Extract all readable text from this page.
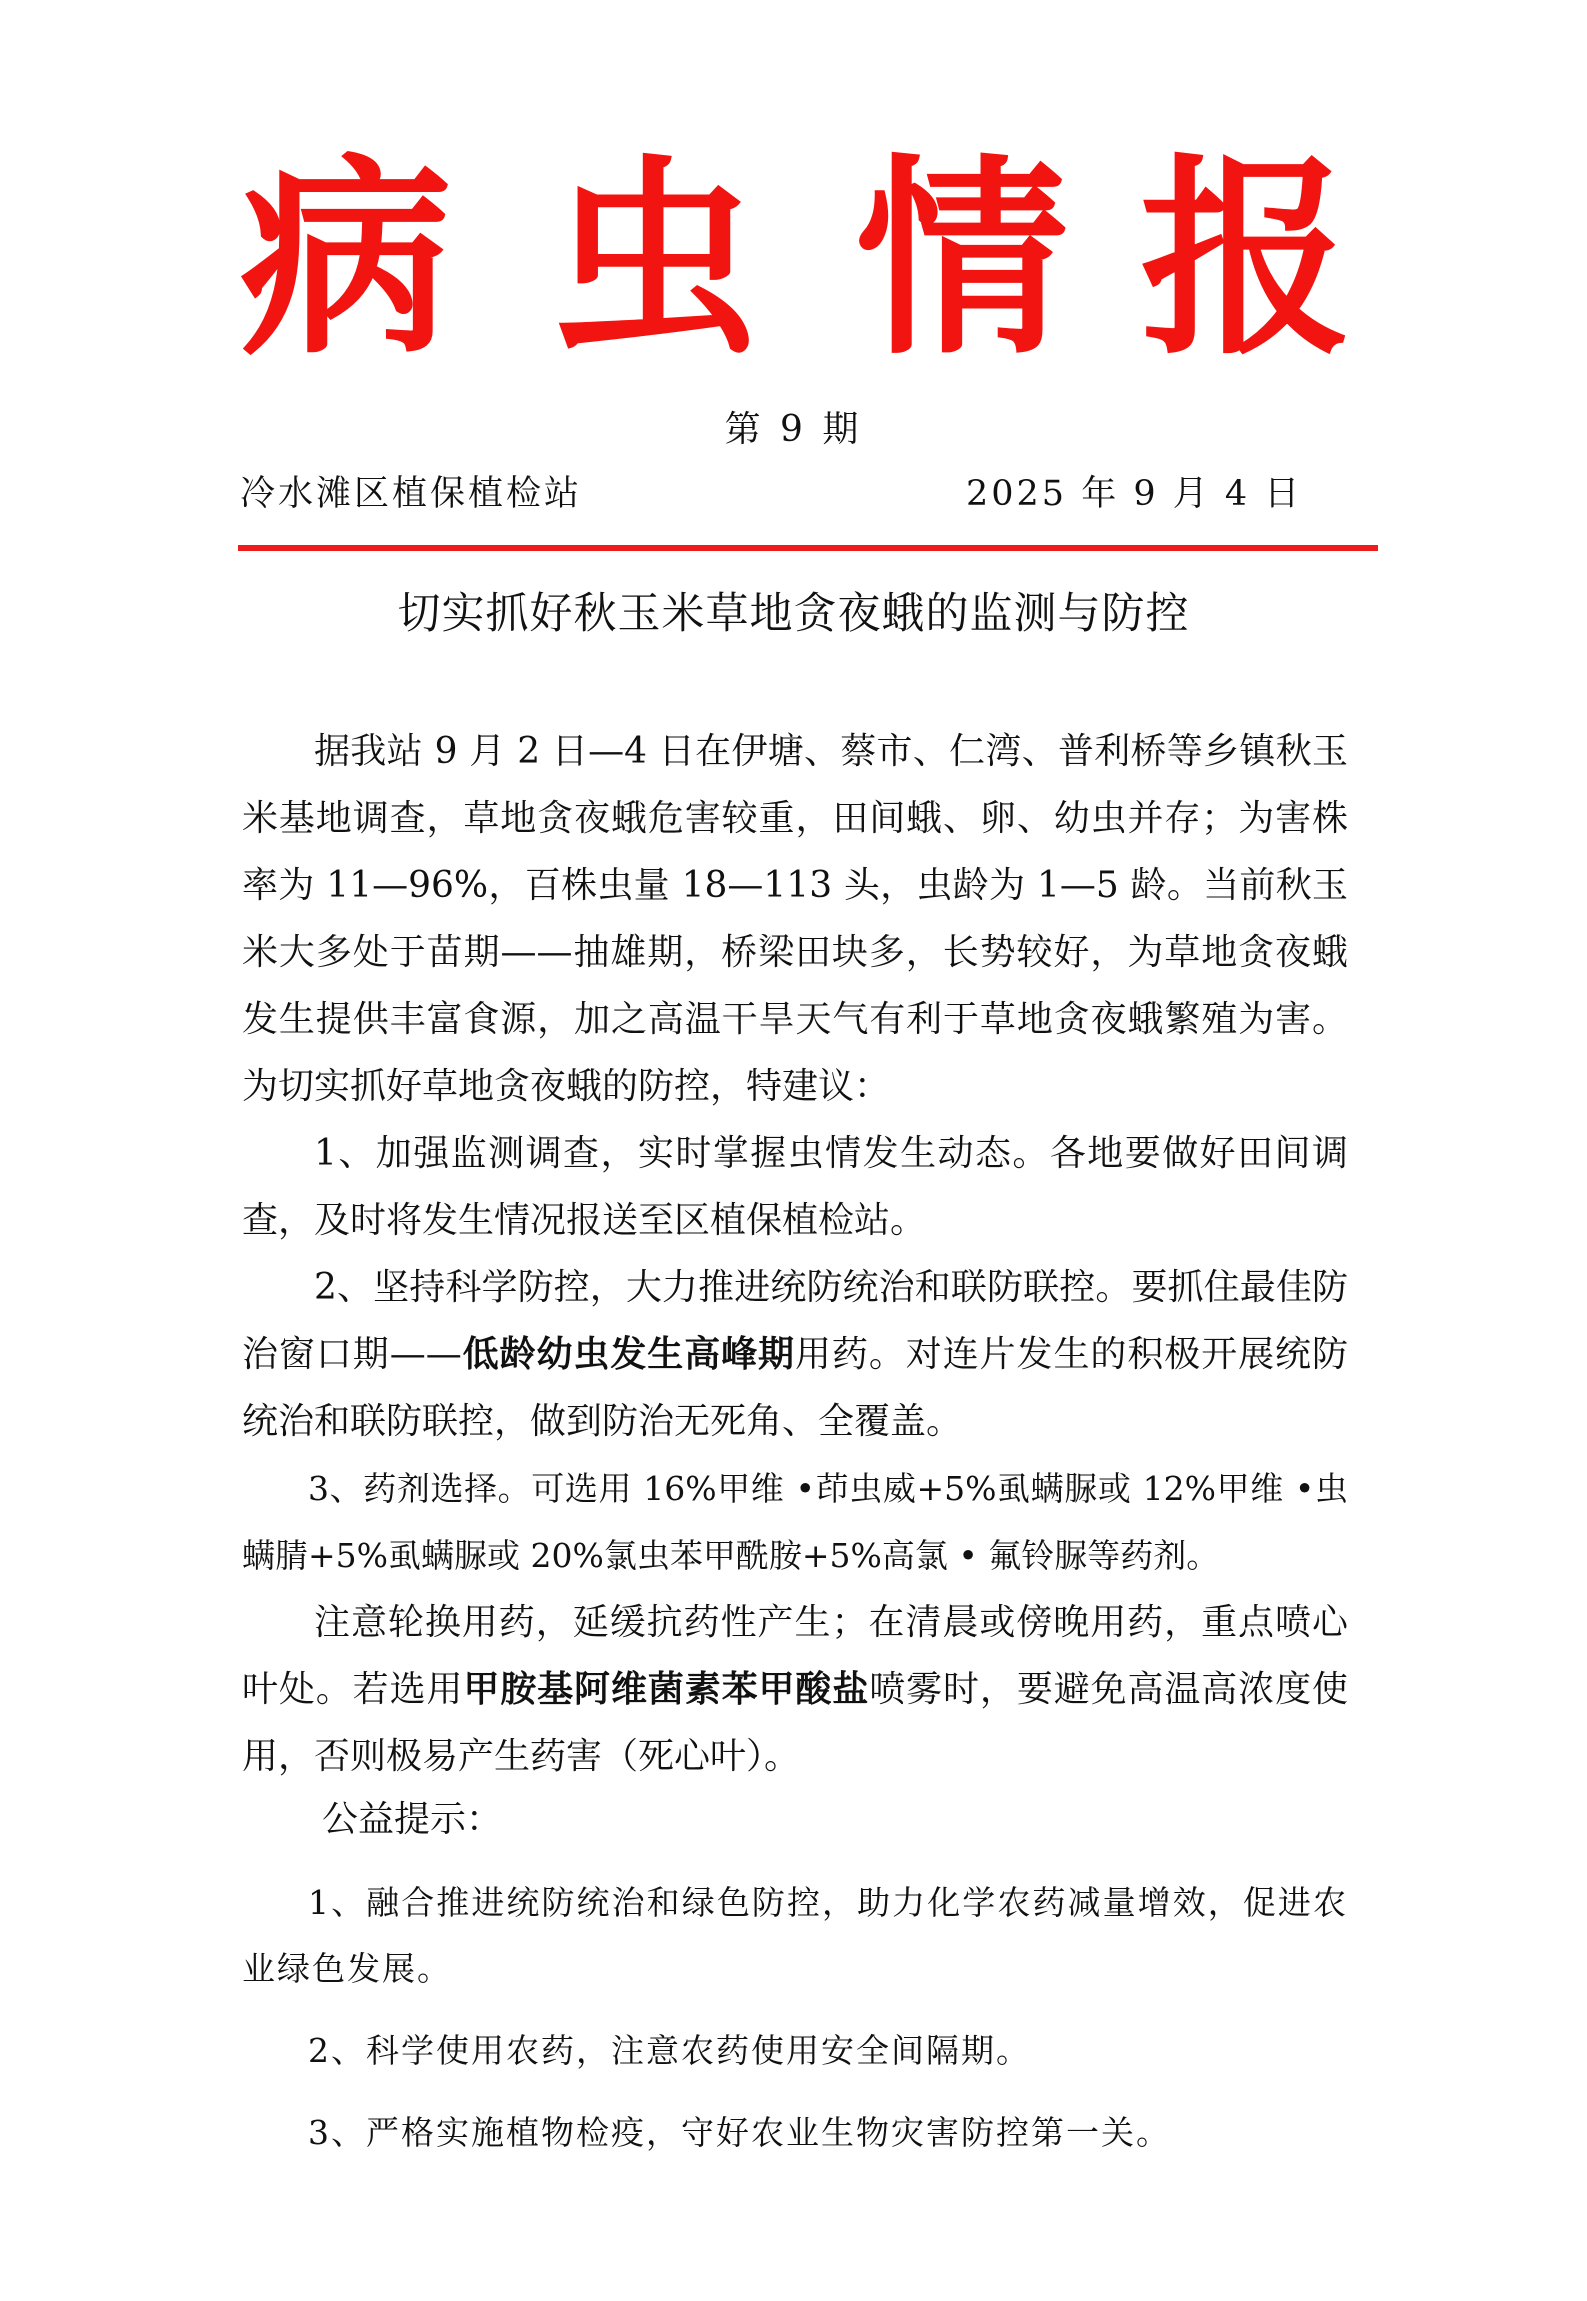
病 虫 情 报
第 9 期
冷水滩区植保植检站	2025 年 9 月 4 日
切实抓好秋玉米草地贪夜蛾的监测与防控

据我站 9 月 2 日—4 日在伊塘、蔡市、仁湾、普利桥等乡镇秋玉米基地调查，草地贪夜蛾危害较重，田间蛾、卵、幼虫并存；为害株率为 11—96%，百株虫量 18—113 头，虫龄为 1—5 龄。当前秋玉米大多处于苗期——抽雄期，桥梁田块多，长势较好，为草地贪夜蛾发生提供丰富食源，加之高温干旱天气有利于草地贪夜蛾繁殖为害。为切实抓好草地贪夜蛾的防控，特建议：

1、加强监测调查，实时掌握虫情发生动态。各地要做好田间调查，及时将发生情况报送至区植保植检站。

2、坚持科学防控，大力推进统防统治和联防联控。要抓住最佳防治窗口期——低龄幼虫发生高峰期用药。对连片发生的积极开展统防统治和联防联控，做到防治无死角、全覆盖。

3、药剂选择。可选用 16%甲维 •茚虫威+5%虱螨脲或 12%甲维 •虫螨腈+5%虱螨脲或 20%氯虫苯甲酰胺+5%高氯 • 氟铃脲等药剂。

注意轮换用药，延缓抗药性产生；在清晨或傍晚用药，重点喷心叶处。若选用甲胺基阿维菌素苯甲酸盐喷雾时，要避免高温高浓度使用，否则极易产生药害（死心叶）。

公益提示：

1、融合推进统防统治和绿色防控，助力化学农药减量增效，促进农业绿色发展。

2、科学使用农药，注意农药使用安全间隔期。

3、严格实施植物检疫，守好农业生物灾害防控第一关。
